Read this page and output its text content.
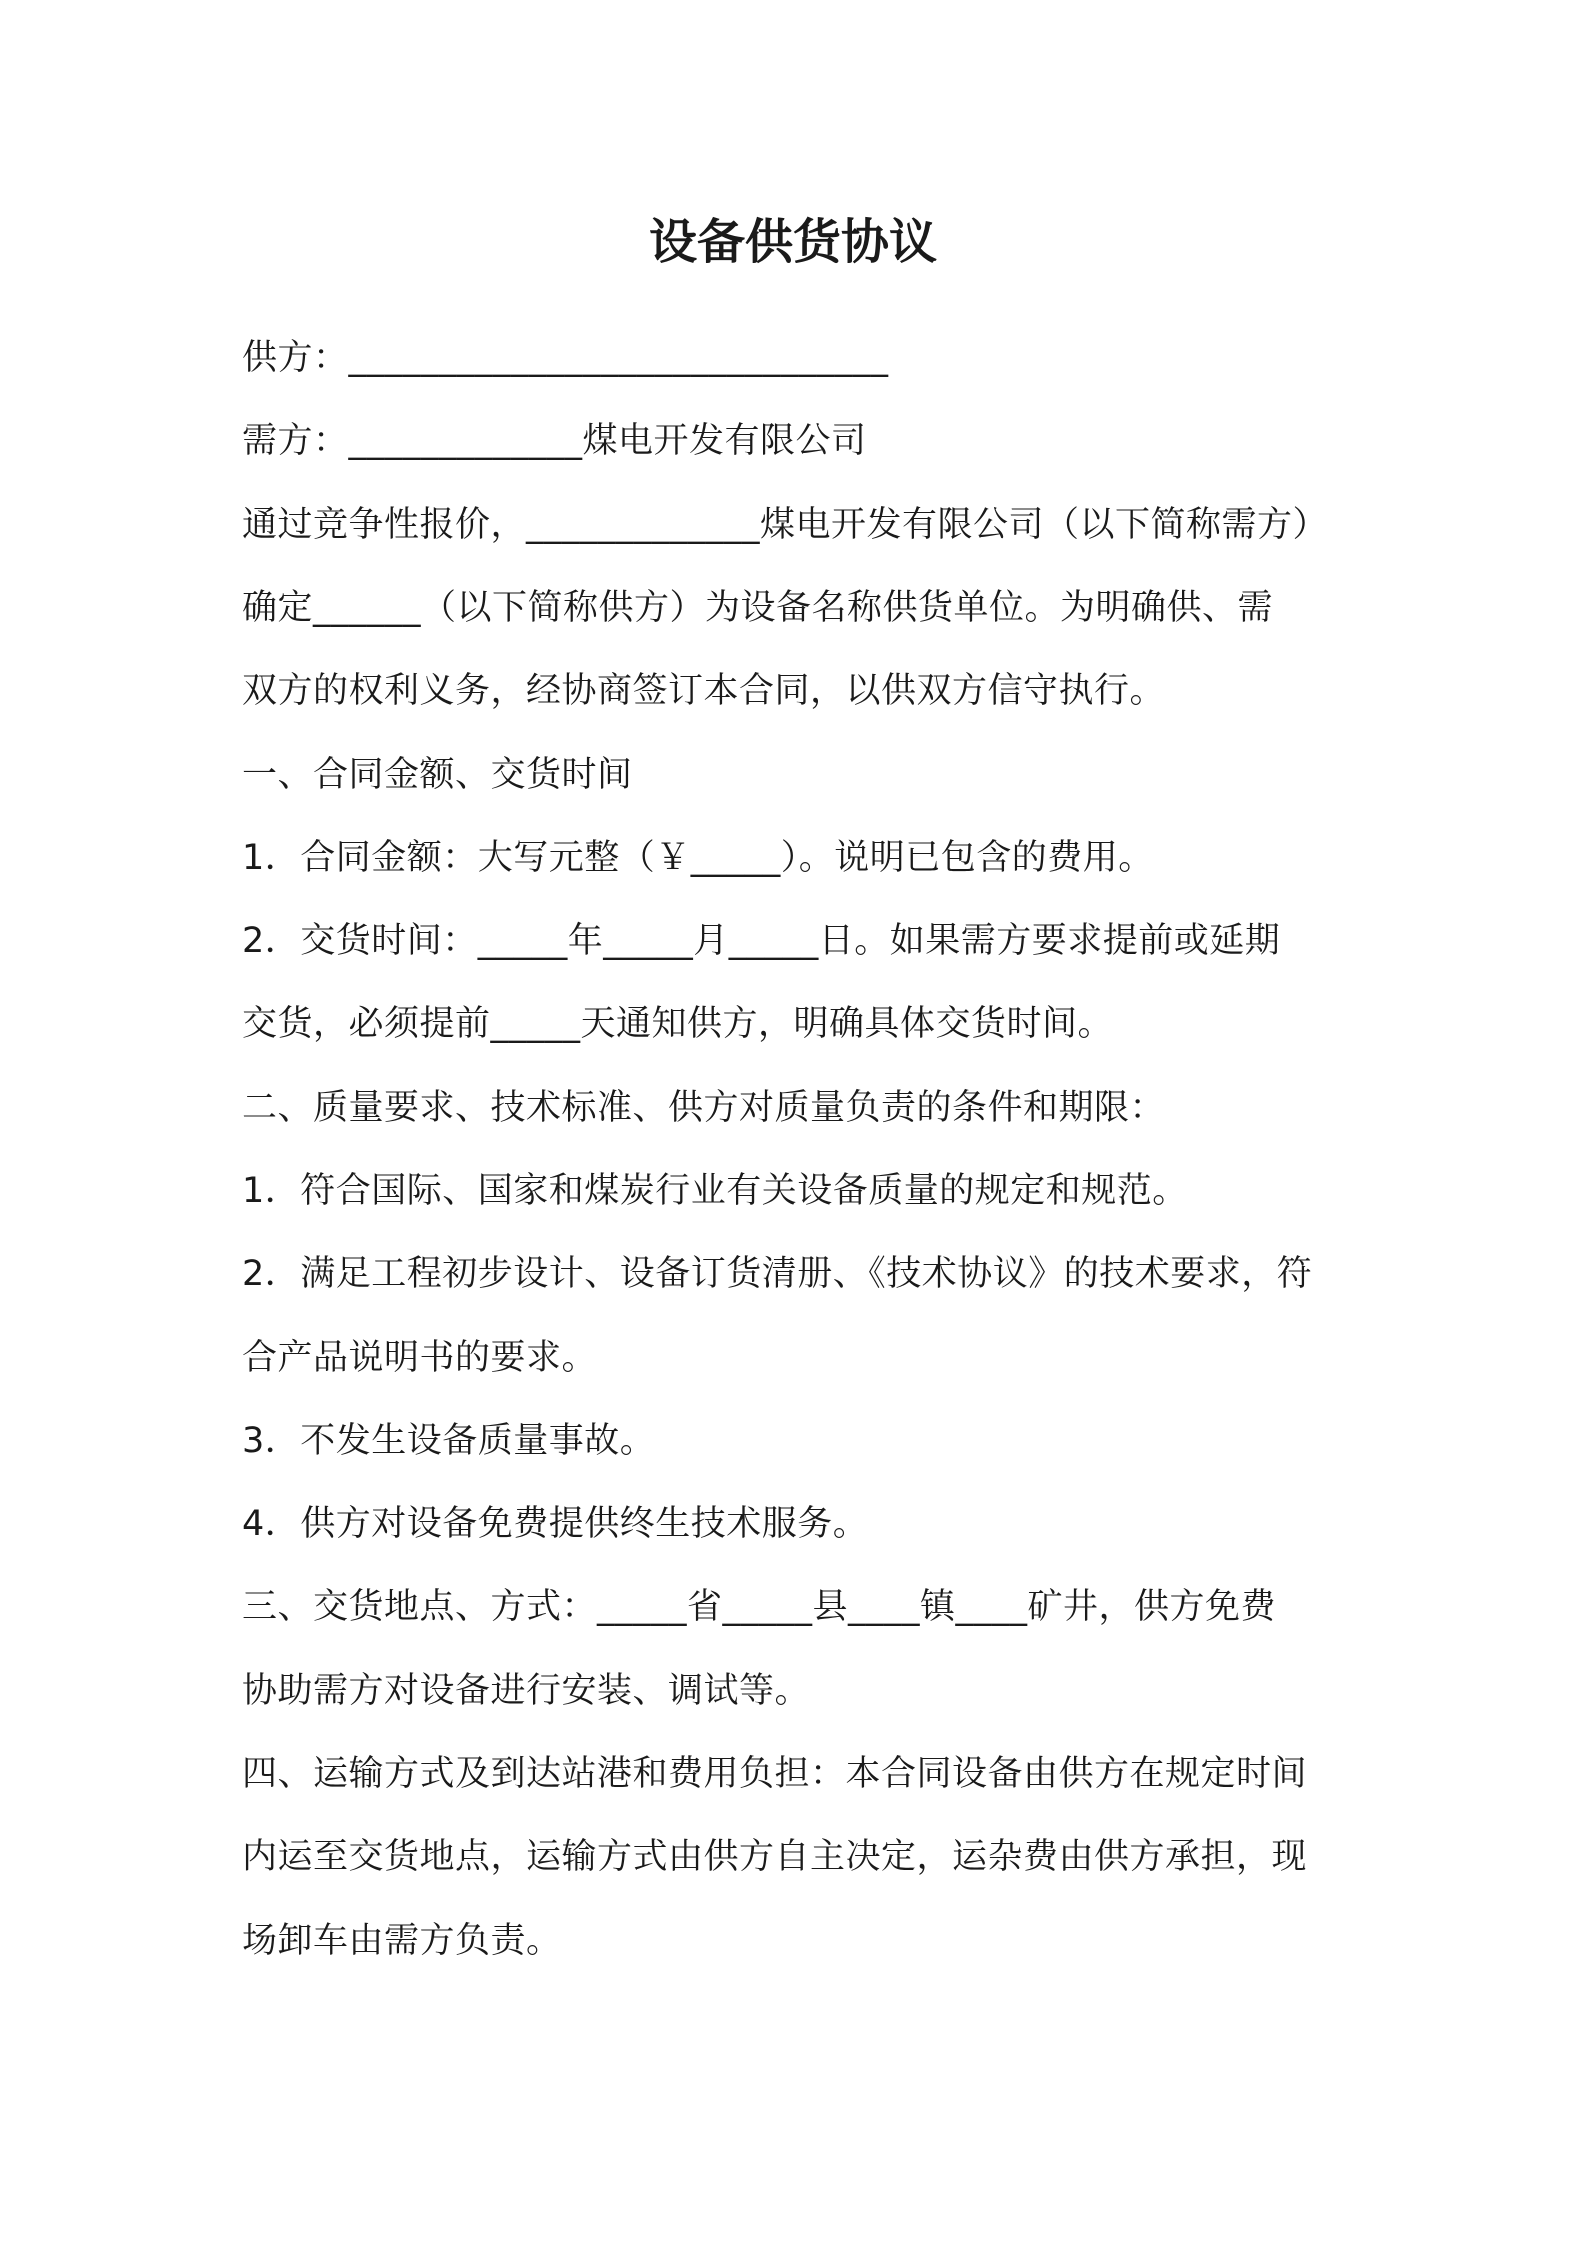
设备供货协议
供方：______________________________
需方：_____________煤电开发有限公司
通过竞争性报价，_____________煤电开发有限公司（以下简称需方）
确定______（以下简称供方）为设备名称供货单位。为明确供、需
双方的权利义务，经协商签订本合同，以供双方信守执行。
一、合同金额、交货时间
1．合同金额：大写元整（￥_____）。说明已包含的费用。
2．交货时间：_____年_____月_____日。如果需方要求提前或延期
交货，必须提前_____天通知供方，明确具体交货时间。
二、质量要求、技术标准、供方对质量负责的条件和期限：
1．符合国际、国家和煤炭行业有关设备质量的规定和规范。
2．满足工程初步设计、设备订货清册、《技术协议》的技术要求，符
合产品说明书的要求。
3．不发生设备质量事故。
4．供方对设备免费提供终生技术服务。
三、交货地点、方式：_____省_____县____镇____矿井，供方免费
协助需方对设备进行安装、调试等。
四、运输方式及到达站港和费用负担：本合同设备由供方在规定时间
内运至交货地点，运输方式由供方自主决定，运杂费由供方承担，现
场卸车由需方负责。
